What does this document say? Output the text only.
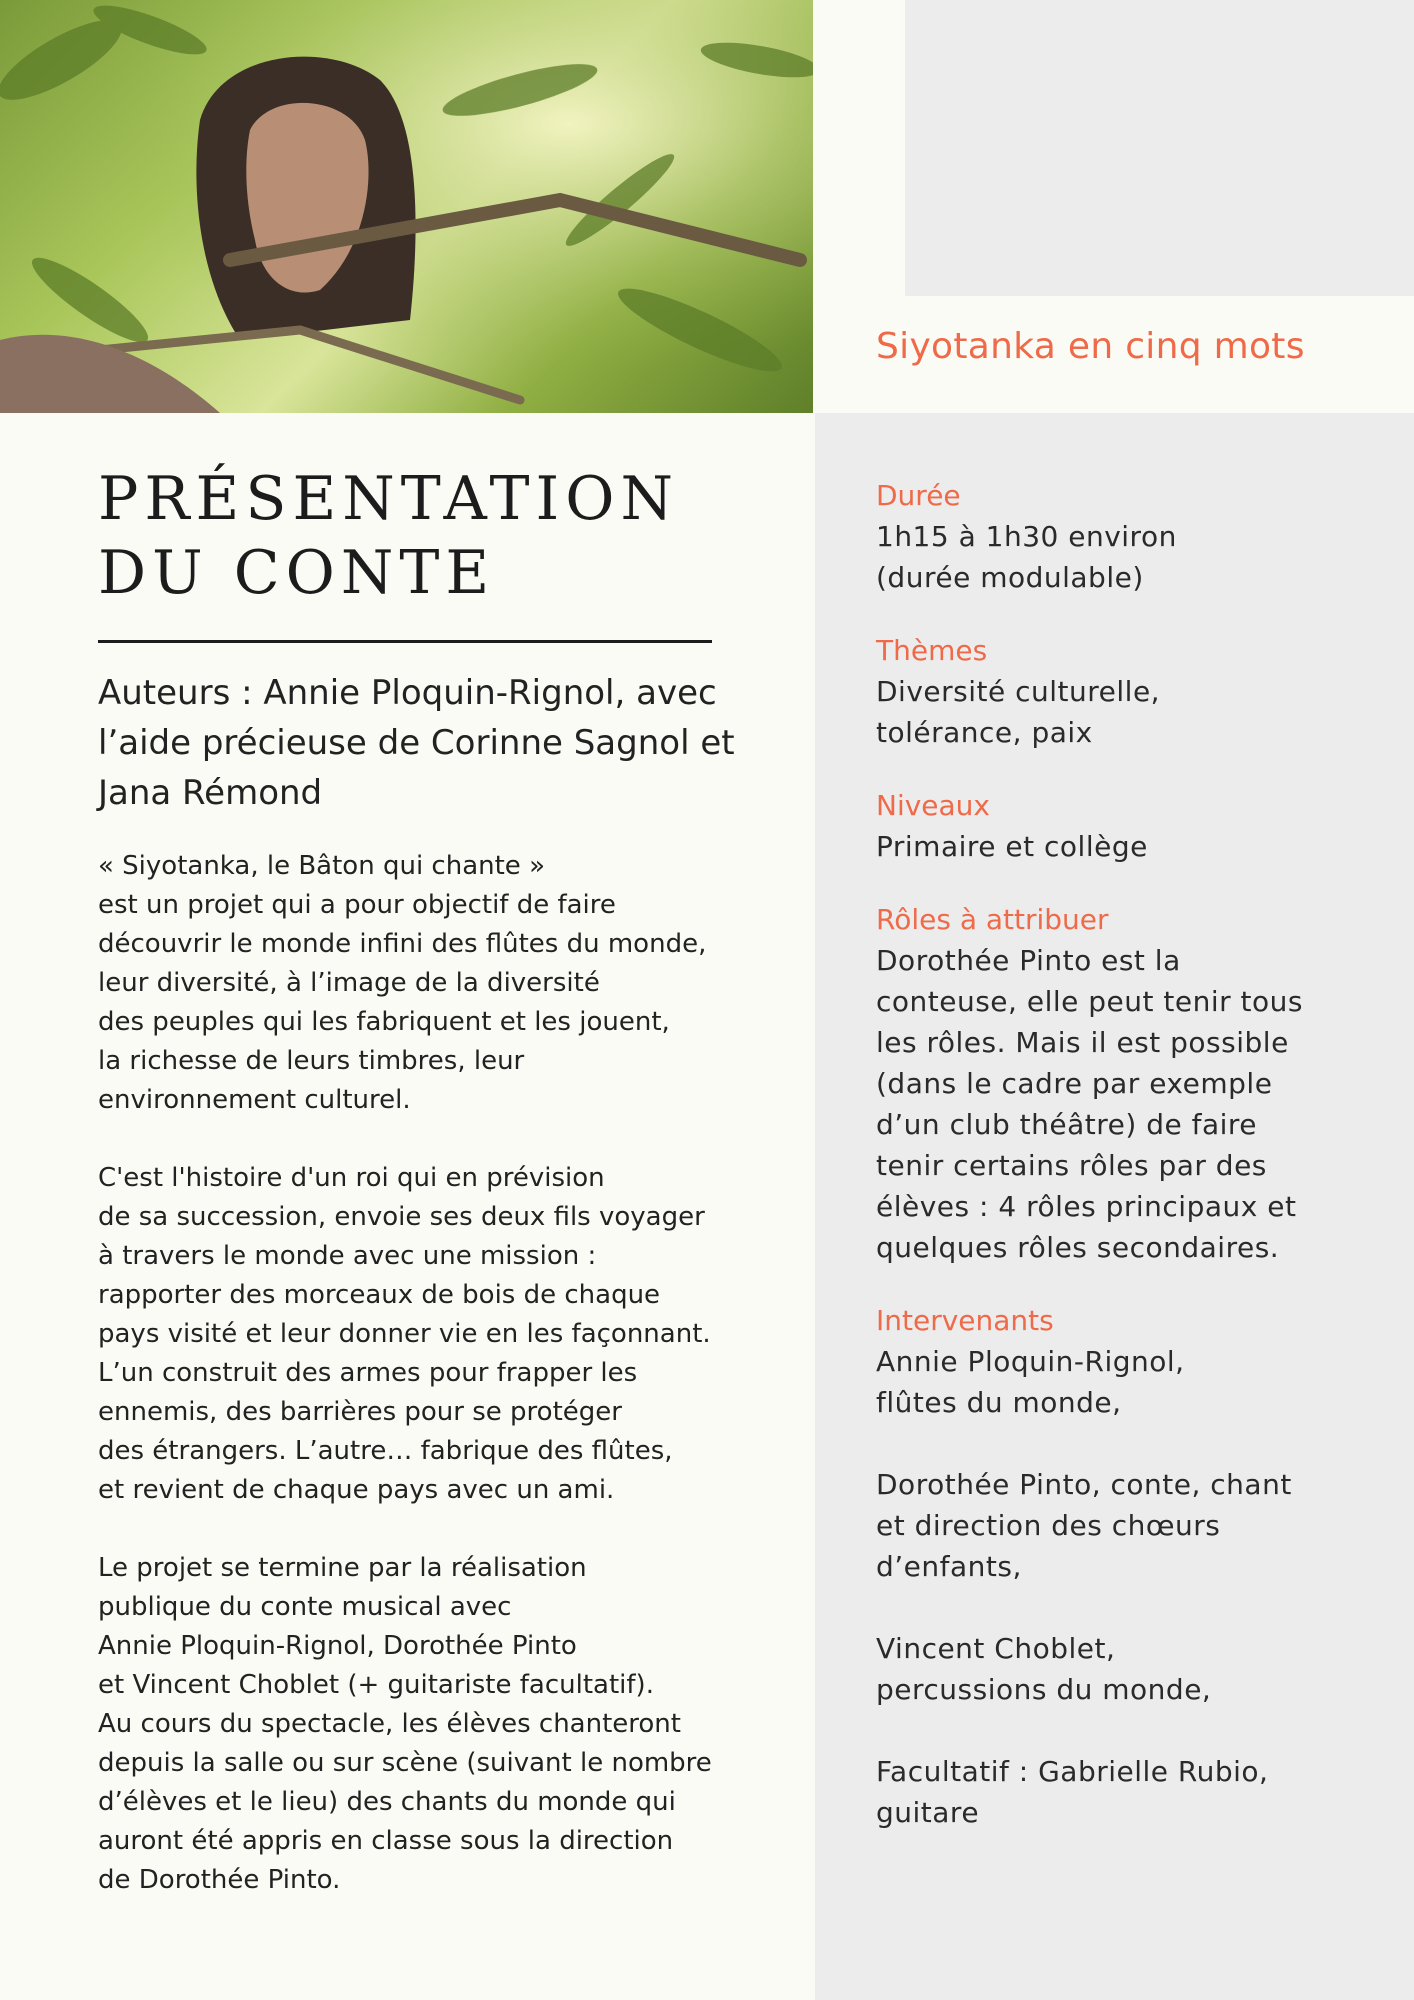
Siyotanka en cinq mots
Durée
1h15 à 1h30 environ
(durée modulable)
Thèmes
Diversité culturelle,
tolérance, paix
Niveaux
Primaire et collège
Rôles à attribuer
Dorothée Pinto est la
conteuse, elle peut tenir tous
les rôles. Mais il est possible
(dans le cadre par exemple
d’un club théâtre) de faire
tenir certains rôles par des
élèves : 4 rôles principaux et
quelques rôles secondaires.
Intervenants
Annie Ploquin-Rignol,
flûtes du monde,
Dorothée Pinto, conte, chant
et direction des chœurs
d’enfants,
Vincent Choblet,
percussions du monde,
Facultatif : Gabrielle Rubio,
guitare
PRÉSENTATION
DU CONTE
Auteurs : Annie Ploquin-Rignol, avec l’aide précieuse de Corinne Sagnol et Jana Rémond

« Siyotanka, le Bâton qui chante »
est un projet qui a pour objectif de faire
découvrir le monde infini des flûtes du monde,
leur diversité, à l’image de la diversité
des peuples qui les fabriquent et les jouent,
la richesse de leurs timbres, leur
environnement culturel.

C'est l'histoire d'un roi qui en prévision
de sa succession, envoie ses deux fils voyager
à travers le monde avec une mission :
rapporter des morceaux de bois de chaque
pays visité et leur donner vie en les façonnant.
L’un construit des armes pour frapper les
ennemis, des barrières pour se protéger
des étrangers. L’autre… fabrique des flûtes,
et revient de chaque pays avec un ami.

Le projet se termine par la réalisation
publique du conte musical avec
Annie Ploquin-Rignol, Dorothée Pinto
et Vincent Choblet (+ guitariste facultatif).
Au cours du spectacle, les élèves chanteront
depuis la salle ou sur scène (suivant le nombre
d’élèves et le lieu) des chants du monde qui
auront été appris en classe sous la direction
de Dorothée Pinto.
